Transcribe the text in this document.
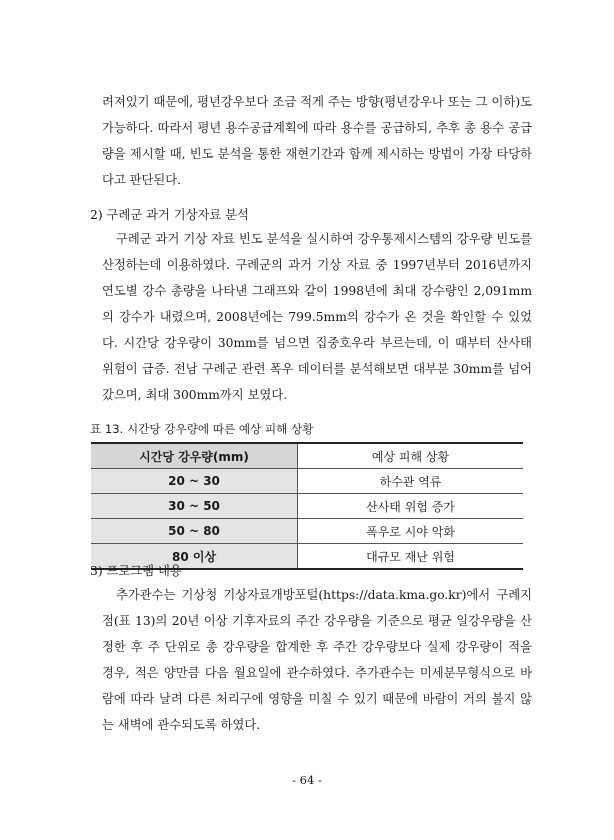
려져있기 때문에, 평년강우보다 조금 적게 주는 방향(평년강우나 또는 그 이하)도 가능하다. 따라서 평년 용수공급계획에 따라 용수를 공급하되, 추후 총 용수 공급량을 제시할 때, 빈도 분석을 통한 재현기간과 함께 제시하는 방법이 가장 타당하다고 판단된다.

2) 구례군 과거 기상자료 분석

구례군 과거 기상 자료 빈도 분석을 실시하여 강우통제시스템의 강우량 빈도를 산정하는데 이용하였다. 구례군의 과거 기상 자료 중 1997년부터 2016년까지 연도별 강수 총량을 나타낸 그래프와 같이 1998년에 최대 강수량인 2,091mm의 강수가 내렸으며, 2008년에는 799.5mm의 강수가 온 것을 확인할 수 있었다. 시간당 강우량이 30mm를 넘으면 집중호우라 부르는데, 이 때부터 산사태 위험이 급증. 전남 구례군 관련 폭우 데이터를 분석해보면 대부분 30mm를 넘어갔으며, 최대 300mm까지 보였다.

표 13. 시간당 강우량에 따른 예상 피해 상황

시간당 강우량(mm)	예상 피해 상황
20 ~ 30	하수관 역류
30 ~ 50	산사태 위험 증가
50 ~ 80	폭우로 시야 악화
80 이상	대규모 재난 위험

3) 프로그램 내용

추가관수는 기상청 기상자료개방포털(https://data.kma.go.kr)에서 구례지점(표 13)의 20년 이상 기후자료의 주간 강우량을 기준으로 평균 일강우량을 산정한 후 주 단위로 총 강우량을 합계한 후 주간 강우량보다 실제 강우량이 적을 경우, 적은 양만큼 다음 월요일에 관수하였다. 추가관수는 미세분무형식으로 바람에 따라 날려 다른 처리구에 영향을 미칠 수 있기 때문에 바람이 거의 불지 않는 새벽에 관수되도록 하였다.

- 64 -
